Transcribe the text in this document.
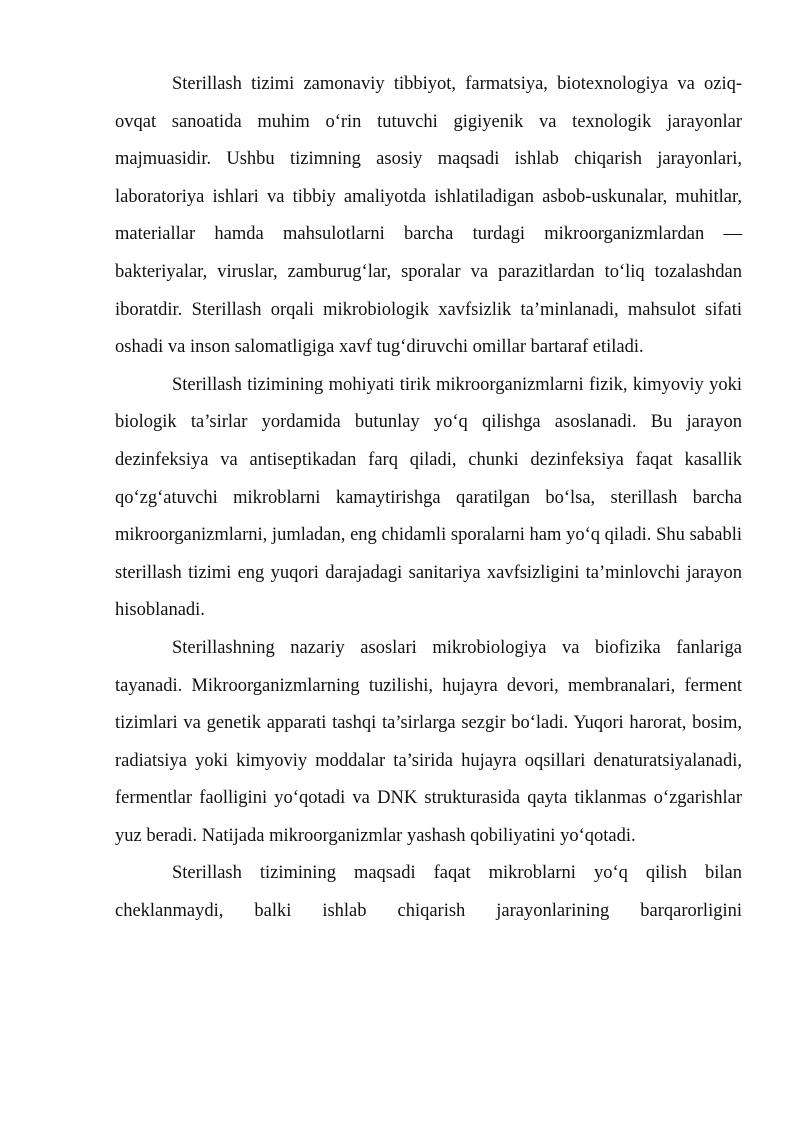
Sterillash tizimi zamonaviy tibbiyot, farmatsiya, biotexnologiya va oziq-ovqat sanoatida muhim o‘rin tutuvchi gigiyenik va texnologik jarayonlar majmuasidir. Ushbu tizimning asosiy maqsadi ishlab chiqarish jarayonlari, laboratoriya ishlari va tibbiy amaliyotda ishlatiladigan asbob-uskunalar, muhitlar, materiallar hamda mahsulotlarni barcha turdagi mikroorganizmlardan — bakteriyalar, viruslar, zamburug‘lar, sporalar va parazitlardan to‘liq tozalashdan iboratdir. Sterillash orqali mikrobiologik xavfsizlik ta’minlanadi, mahsulot sifati oshadi va inson salomatligiga xavf tug‘diruvchi omillar bartaraf etiladi.

Sterillash tizimining mohiyati tirik mikroorganizmlarni fizik, kimyoviy yoki biologik ta’sirlar yordamida butunlay yo‘q qilishga asoslanadi. Bu jarayon dezinfeksiya va antiseptikadan farq qiladi, chunki dezinfeksiya faqat kasallik qo‘zg‘atuvchi mikroblarni kamaytirishga qaratilgan bo‘lsa, sterillash barcha mikroorganizmlarni, jumladan, eng chidamli sporalarni ham yo‘q qiladi. Shu sababli sterillash tizimi eng yuqori darajadagi sanitariya xavfsizligini ta’minlovchi jarayon hisoblanadi.

Sterillashning nazariy asoslari mikrobiologiya va biofizika fanlariga tayanadi. Mikroorganizmlarning tuzilishi, hujayra devori, membranalari, ferment tizimlari va genetik apparati tashqi ta’sirlarga sezgir bo‘ladi. Yuqori harorat, bosim, radiatsiya yoki kimyoviy moddalar ta’sirida hujayra oqsillari denaturatsiyalanadi, fermentlar faolligini yo‘qotadi va DNK strukturasida qayta tiklanmas o‘zgarishlar yuz beradi. Natijada mikroorganizmlar yashash qobiliyatini yo‘qotadi.

Sterillash tizimining maqsadi faqat mikroblarni yo‘q qilish bilan cheklanmaydi, balki ishlab chiqarish jarayonlarining barqarorligini
